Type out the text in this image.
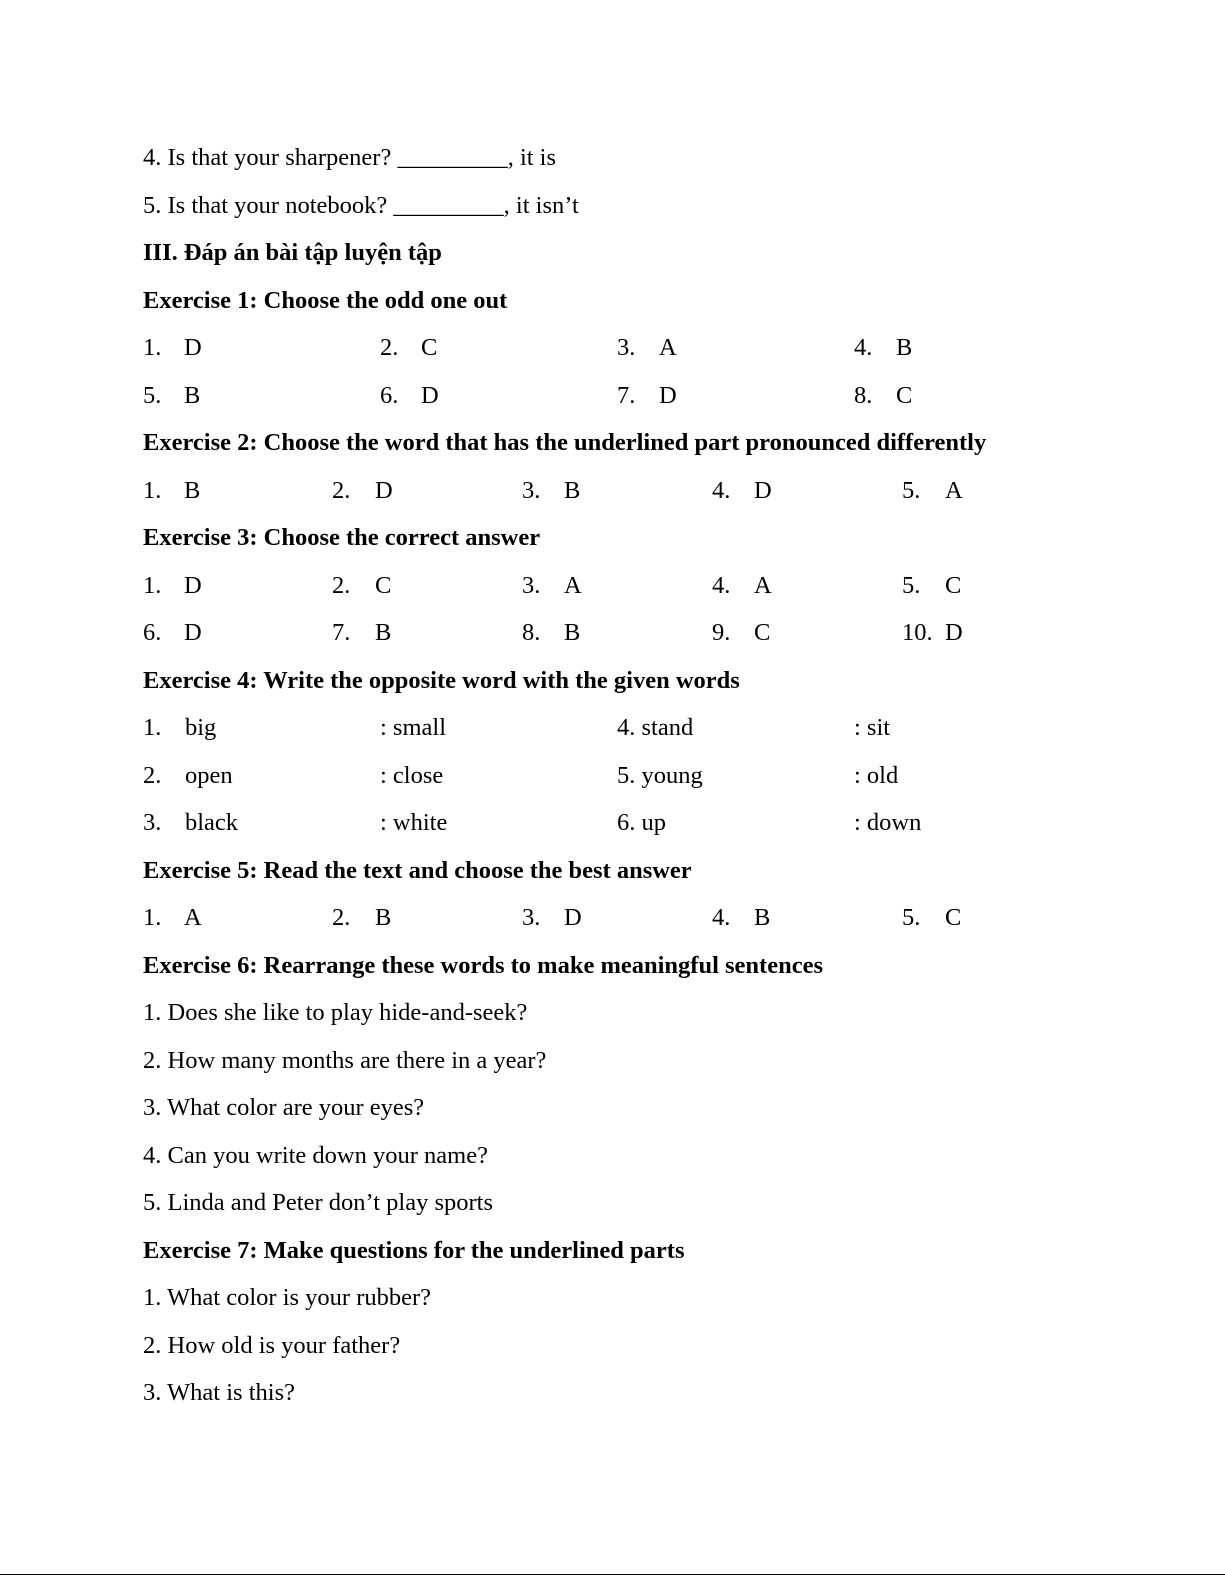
4. Is that your sharpener? _________, it is
5. Is that your notebook? _________, it isn’t
III. Đáp án bài tập luyện tập
Exercise 1: Choose the odd one out
1. D	2. C	3. A	4. B
5. B	6. D	7. D	8. C
Exercise 2: Choose the word that has the underlined part pronounced differently
1. B	2. D	3. B	4. D	5. A
Exercise 3: Choose the correct answer
1. D	2. C	3. A	4. A	5. C
6. D	7. B	8. B	9. C	10. D
Exercise 4: Write the opposite word with the given words
1. big	: small	4. stand	: sit
2. open	: close	5. young	: old
3. black	: white	6. up	: down
Exercise 5: Read the text and choose the best answer
1. A	2. B	3. D	4. B	5. C
Exercise 6: Rearrange these words to make meaningful sentences
1. Does she like to play hide-and-seek?
2. How many months are there in a year?
3. What color are your eyes?
4. Can you write down your name?
5. Linda and Peter don’t play sports
Exercise 7: Make questions for the underlined parts
1. What color is your rubber?
2. How old is your father?
3. What is this?
